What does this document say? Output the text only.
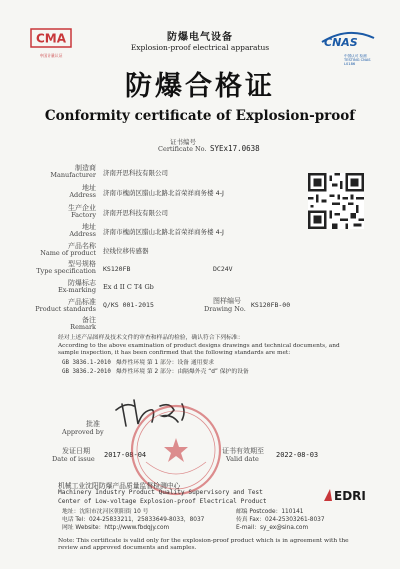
CMA
中国计量认证
防爆电气设备
Explosion-proof electrical apparatus	CNAS
中国认可 检测 TESTING CNAS L0186
防爆合格证
Conformity certificate of Explosion-proof
证书编号
Certificate No. SYEx17.0638
制造商
Manufacturer 济南开思科技有限公司
地址
Address 济南市槐荫区腊山北路北首荣祥商务楼 4-J
生产企业
Factory 济南开思科技有限公司
地址
Address 济南市槐荫区腊山北路北首荣祥商务楼 4-J
产品名称
Name of product 拉线位移传感器
型号规格
Type specification KS120FB	DC24V
防爆标志
Ex-marking Ex d II C T4 Gb
产品标准
Product standards Q/KS 001-2015	图样编号
Drawing No. KS120FB-00
备注
Remark
经对上述产品图样及技术文件的审查和样品的检验，确认符合下列标准：
According to the above examination of product designs drawings and technical documents, and sample inspection, it has been confirmed that the following standards are met:
GB 3836.1-2010 爆炸性环境 第 1 部分：设备 通用要求
GB 3836.2-2010 爆炸性环境 第 2 部分：由隔爆外壳 “d” 保护的设备
批准
Approved by
发证日期
Date of issue 2017-08-04	证书有效期至
Valid date 2022-08-03
机械工业沈阳防爆产品质量监督检测中心
Machinery Industry Product Quality Supervisory and Test
Center of Low-voltage Explosion-proof Electrical Product	EDRI
地址：沈阳市沈河区朝阳街 10 号	邮编 Postcode：110141
电话 Tel：024-25833211，25833649-8033，8037	传真 Fax：024-25303261-8037
网址 Website：http://www.fbdqjy.com	E-mail：sy_ex@sina.com
Note: This certificate is valid only for the explosion-proof product which is in agreement with the review and approved documents and samples.
